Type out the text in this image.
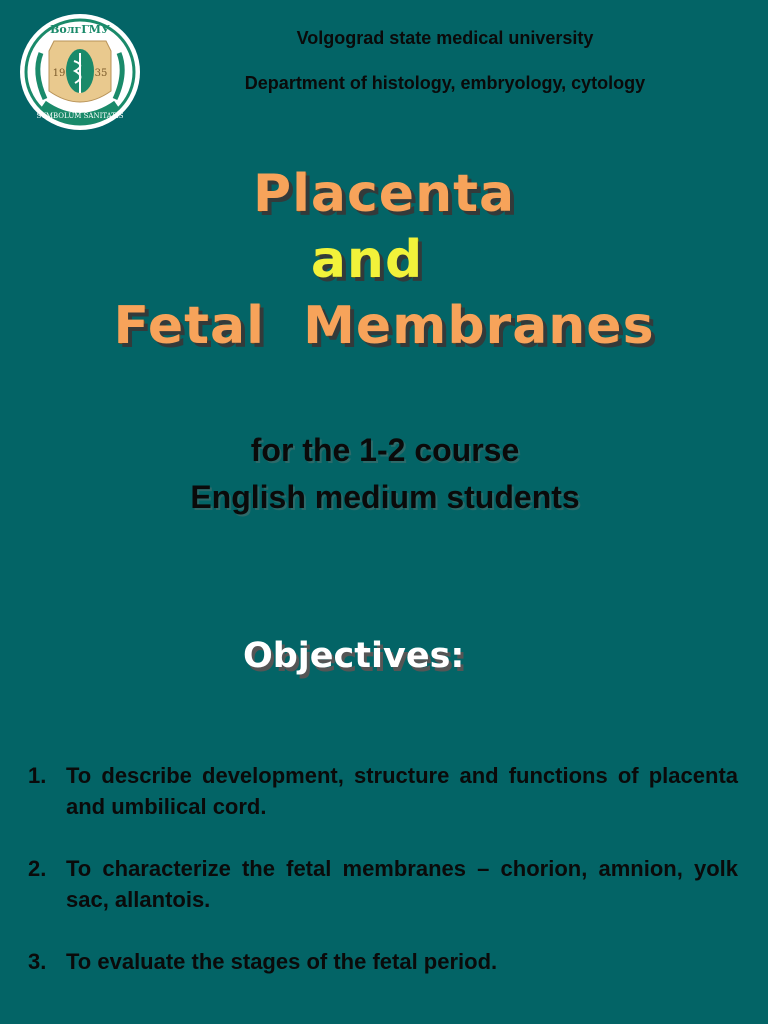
ВолгГМУ
19	35
SYMBOLUM SANITATIS
Volgograd state medical university
Department of histology, embryology, cytology
Placenta
and
Fetal  Membranes
for the 1-2 course
English medium students
Objectives:
1. To describe development, structure and functions of placenta and umbilical cord.
2. To characterize the fetal membranes – chorion, amnion, yolk sac, allantois.
3. To evaluate the stages of the fetal period.
